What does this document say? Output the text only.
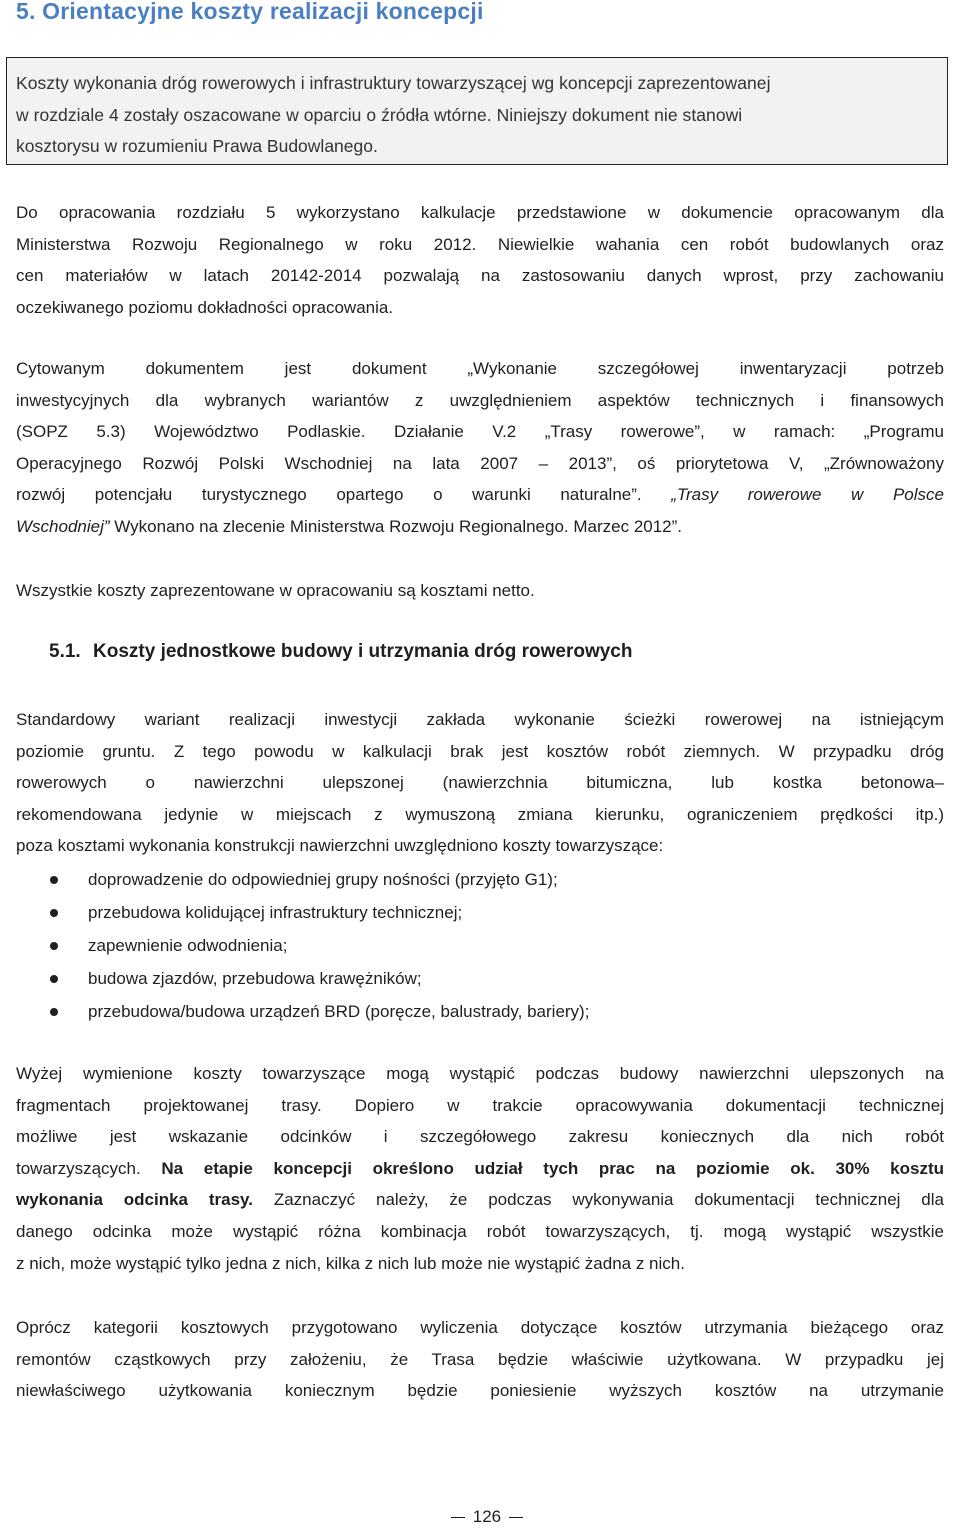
5. Orientacyjne koszty realizacji koncepcji
Koszty wykonania dróg rowerowych i infrastruktury towarzyszącej wg koncepcji zaprezentowanej
w rozdziale 4 zostały oszacowane w oparciu o źródła wtórne. Niniejszy dokument nie stanowi
kosztorysu w rozumieniu Prawa Budowlanego.
Do opracowania rozdziału 5 wykorzystano kalkulacje przedstawione w dokumencie opracowanym dla
Ministerstwa Rozwoju Regionalnego w roku 2012. Niewielkie wahania cen robót budowlanych oraz
cen materiałów w latach 20142-2014 pozwalają na zastosowaniu danych wprost, przy zachowaniu
oczekiwanego poziomu dokładności opracowania.
Cytowanym dokumentem jest dokument „Wykonanie szczegółowej inwentaryzacji potrzeb
inwestycyjnych dla wybranych wariantów z uwzględnieniem aspektów technicznych i finansowych
(SOPZ 5.3) Województwo Podlaskie. Działanie V.2 „Trasy rowerowe”, w ramach: „Programu
Operacyjnego Rozwój Polski Wschodniej na lata 2007 – 2013”, oś priorytetowa V, „Zrównoważony
rozwój potencjału turystycznego opartego o warunki naturalne”. „Trasy rowerowe w Polsce
Wschodniej” Wykonano na zlecenie Ministerstwa Rozwoju Regionalnego. Marzec 2012”.
Wszystkie koszty zaprezentowane w opracowaniu są kosztami netto.
5.1. Koszty jednostkowe budowy i utrzymania dróg rowerowych
Standardowy wariant realizacji inwestycji zakłada wykonanie ścieżki rowerowej na istniejącym
poziomie gruntu. Z tego powodu w kalkulacji brak jest kosztów robót ziemnych. W przypadku dróg
rowerowych o nawierzchni ulepszonej (nawierzchnia bitumiczna, lub kostka betonowa–
rekomendowana jedynie w miejscach z wymuszoną zmiana kierunku, ograniczeniem prędkości itp.)
poza kosztami wykonania konstrukcji nawierzchni uwzględniono koszty towarzyszące:
doprowadzenie do odpowiedniej grupy nośności (przyjęto G1);
przebudowa kolidującej infrastruktury technicznej;
zapewnienie odwodnienia;
budowa zjazdów, przebudowa krawężników;
przebudowa/budowa urządzeń BRD (poręcze, balustrady, bariery);
Wyżej wymienione koszty towarzyszące mogą wystąpić podczas budowy nawierzchni ulepszonych na
fragmentach projektowanej trasy. Dopiero w trakcie opracowywania dokumentacji technicznej
możliwe jest wskazanie odcinków i szczegółowego zakresu koniecznych dla nich robót
towarzyszących. Na etapie koncepcji określono udział tych prac na poziomie ok. 30% kosztu
wykonania odcinka trasy. Zaznaczyć należy, że podczas wykonywania dokumentacji technicznej dla
danego odcinka może wystąpić różna kombinacja robót towarzyszących, tj. mogą wystąpić wszystkie
z nich, może wystąpić tylko jedna z nich, kilka z nich lub może nie wystąpić żadna z nich.
Oprócz kategorii kosztowych przygotowano wyliczenia dotyczące kosztów utrzymania bieżącego oraz
remontów cząstkowych przy założeniu, że Trasa będzie właściwie użytkowana. W przypadku jej
niewłaściwego użytkowania koniecznym będzie poniesienie wyższych kosztów na utrzymanie
126
